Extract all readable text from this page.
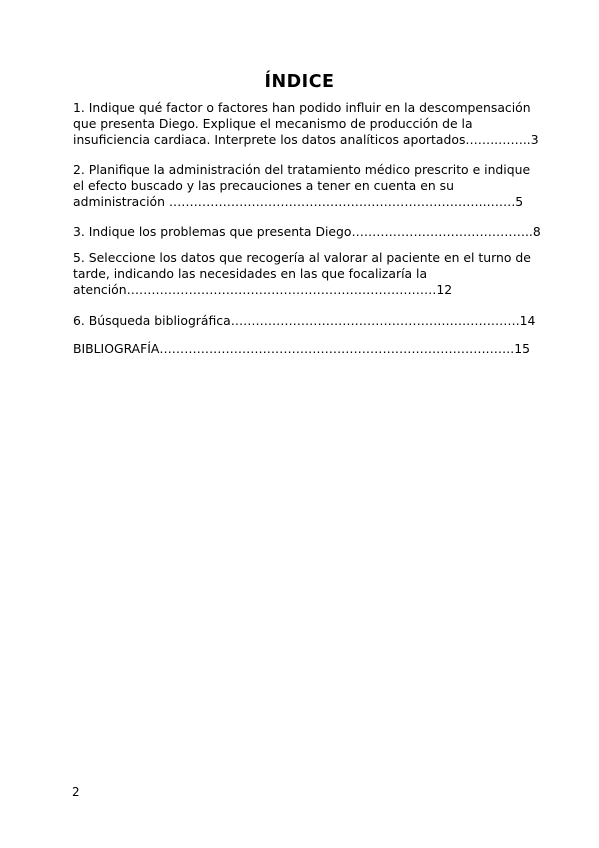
ÍNDICE

1. Indique qué factor o factores han podido influir en la descompensación

que presenta Diego. Explique el mecanismo de producción de la

insuficiencia cardiaca. Interprete los datos analíticos aportados……..……..3

2. Planifique la administración del tratamiento médico prescrito e indique

el efecto buscado y las precauciones a tener en cuenta en su

administración …………………………………………………………………..…….5

3. Indique los problemas que presenta Diego……………………………………..8

5. Seleccione los datos que recogería al valorar al paciente en el turno de

tarde, indicando las necesidades en las que focalizaría la

atención…………………………………………………………………12

6. Búsqueda bibliográfica…………………………………………………………….14

BIBLIOGRAFÍA…………………………………………………………………….…….15

2
